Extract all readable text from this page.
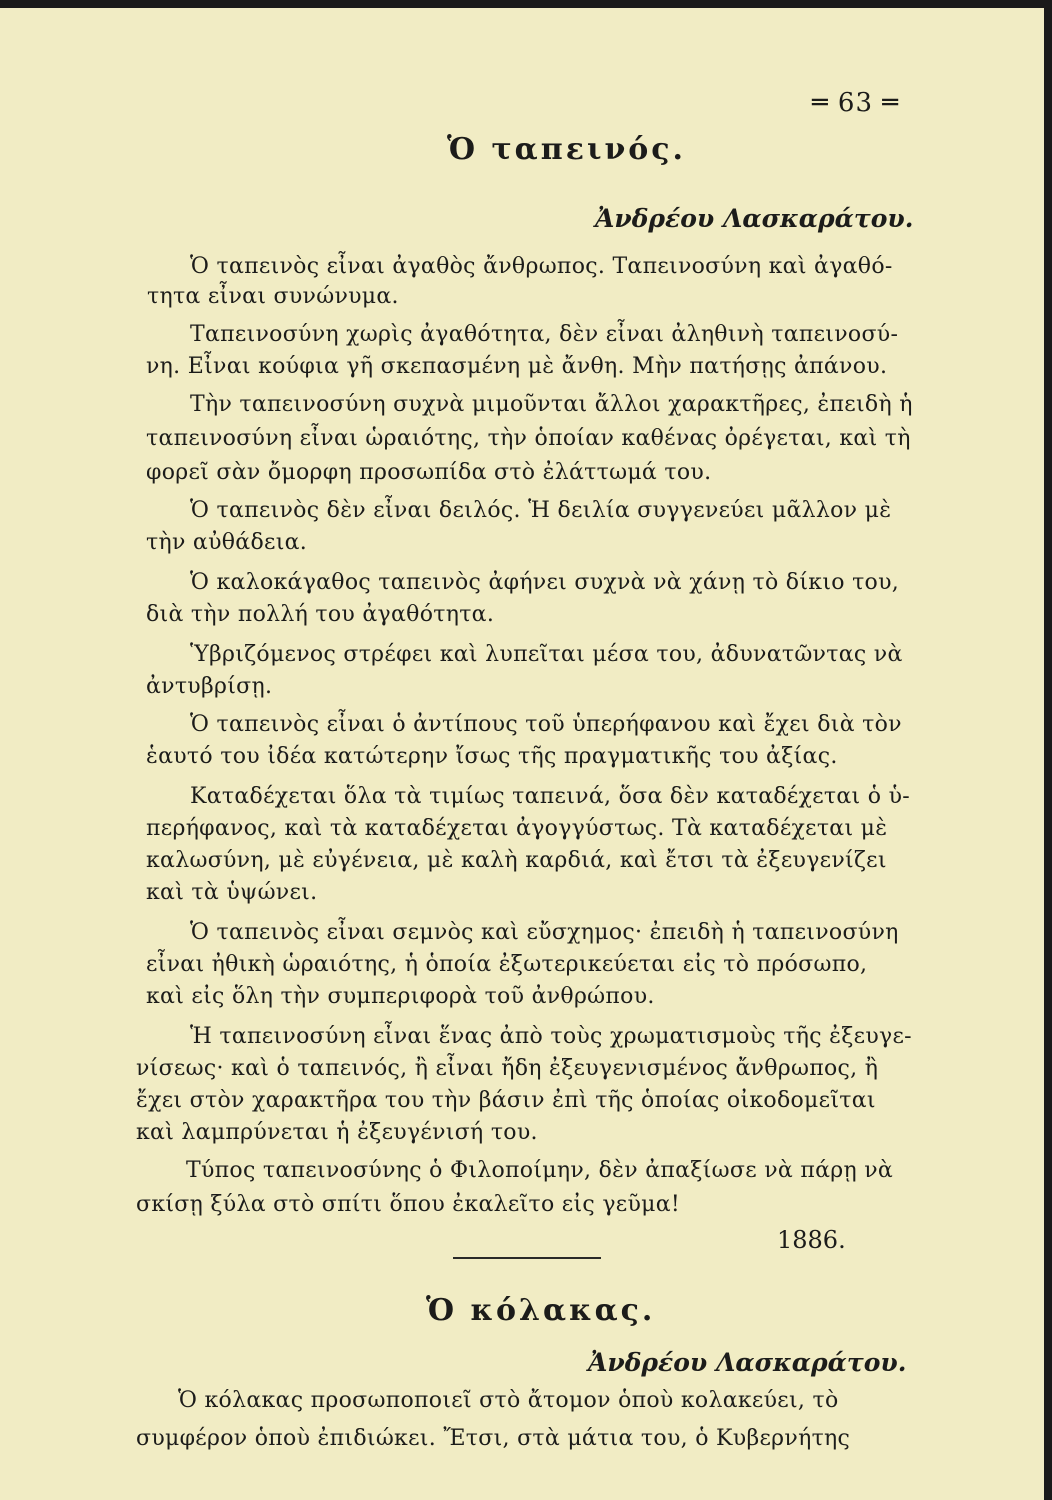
═ 63 ═
Ὁ ταπεινός.
Ἀνδρέου Λασκαράτου.
Ὁ ταπεινὸς εἶναι ἀγαθὸς ἄνθρωπος. Ταπεινοσύνη καὶ ἀγαθό-
τητα εἶναι συνώνυμα.
Ταπεινοσύνη χωρὶς ἀγαθότητα, δὲν εἶναι ἀληθινὴ ταπεινοσύ-
νη. Εἶναι κούφια γῆ σκεπασμένη μὲ ἄνθη. Μὴν πατήσῃς ἀπάνου.
Τὴν ταπεινοσύνη συχνὰ μιμοῦνται ἄλλοι χαρακτῆρες, ἐπειδὴ ἡ
ταπεινοσύνη εἶναι ὡραιότης, τὴν ὁποίαν καθένας ὀρέγεται, καὶ τὴ
φορεῖ σὰν ὄμορφη προσωπίδα στὸ ἐλάττωμά του.
Ὁ ταπεινὸς δὲν εἶναι δειλός. Ἡ δειλία συγγενεύει μᾶλλον μὲ
τὴν αὐθάδεια.
Ὁ καλοκάγαθος ταπεινὸς ἀφήνει συχνὰ νὰ χάνῃ τὸ δίκιο του,
διὰ τὴν πολλή του ἀγαθότητα.
Ὑβριζόμενος στρέφει καὶ λυπεῖται μέσα του, ἀδυνατῶντας νὰ
ἀντυβρίσῃ.
Ὁ ταπεινὸς εἶναι ὁ ἀντίπους τοῦ ὑπερήφανου καὶ ἔχει διὰ τὸν
ἑαυτό του ἰδέα κατώτερην ἴσως τῆς πραγματικῆς του ἀξίας.
Καταδέχεται ὅλα τὰ τιμίως ταπεινά, ὅσα δὲν καταδέχεται ὁ ὑ-
περήφανος, καὶ τὰ καταδέχεται ἀγογγύστως. Τὰ καταδέχεται μὲ
καλωσύνη, μὲ εὐγένεια, μὲ καλὴ καρδιά, καὶ ἔτσι τὰ ἐξευγενίζει
καὶ τὰ ὑψώνει.
Ὁ ταπεινὸς εἶναι σεμνὸς καὶ εὔσχημος· ἐπειδὴ ἡ ταπεινοσύνη
εἶναι ἠθικὴ ὡραιότης, ἡ ὁποία ἐξωτερικεύεται εἰς τὸ πρόσωπο,
καὶ εἰς ὅλη τὴν συμπεριφορὰ τοῦ ἀνθρώπου.
Ἡ ταπεινοσύνη εἶναι ἕνας ἀπὸ τοὺς χρωματισμοὺς τῆς ἐξευγε-
νίσεως· καὶ ὁ ταπεινός, ἢ εἶναι ἤδη ἐξευγενισμένος ἄνθρωπος, ἢ
ἔχει στὸν χαρακτῆρα του τὴν βάσιν ἐπὶ τῆς ὁποίας οἰκοδομεῖται
καὶ λαμπρύνεται ἡ ἐξευγένισή του.
Τύπος ταπεινοσύνης ὁ Φιλοποίμην, δὲν ἀπαξίωσε νὰ πάρῃ νὰ
σκίσῃ ξύλα στὸ σπίτι ὅπου ἐκαλεῖτο εἰς γεῦμα!
1886.
Ὁ κόλακας.
Ἀνδρέου Λασκαράτου.
Ὁ κόλακας προσωποποιεῖ στὸ ἄτομον ὁποὺ κολακεύει, τὸ
συμφέρον ὁποὺ ἐπιδιώκει. Ἔτσι, στὰ μάτια του, ὁ Κυβερνήτης
